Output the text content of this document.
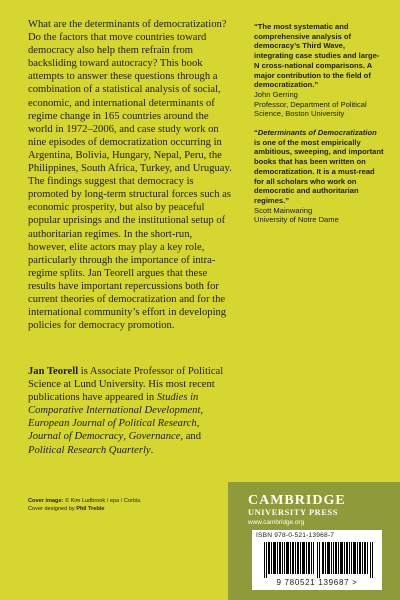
What are the determinants of democratization? Do the factors that move countries toward democracy also help them refrain from backsliding toward autocracy? This book attempts to answer these questions through a combination of a statistical analysis of social, economic, and international determinants of regime change in 165 countries around the world in 1972–2006, and case study work on nine episodes of democratization occurring in Argentina, Bolivia, Hungary, Nepal, Peru, the Philippines, South Africa, Turkey, and Uruguay. The findings suggest that democracy is promoted by long-term structural forces such as economic prosperity, but also by peaceful popular uprisings and the institutional setup of authoritarian regimes. In the short-run, however, elite actors may play a key role, particularly through the importance of intra-regime splits. Jan Teorell argues that these results have important repercussions both for current theories of democratization and for the international community’s effort in developing policies for democracy promotion.

Jan Teorell is Associate Professor of Political Science at Lund University. His most recent publications have appeared in Studies in Comparative International Development, European Journal of Political Research, Journal of Democracy, Governance, and Political Research Quarterly.

“The most systematic and comprehensive analysis of democracy’s Third Wave, integrating case studies and large-N cross-national comparisons. A major contribution to the field of democratization.”

John Gerring

Professor, Department of Political Science, Boston University

“Determinants of Democratization is one of the most empirically ambitious, sweeping, and important books that has been written on democratization. It is a must-read for all scholars who work on democratic and authoritarian regimes.”

Scott Mainwaring

University of Notre Dame

Cover image: © Kim Ludbrook / epa / Corbis.
Cover designed by Phil Treble
CAMBRIDGE
UNIVERSITY PRESS
www.cambridge.org
ISBN 978-0-521-13968-7
9 780521 139687 >
